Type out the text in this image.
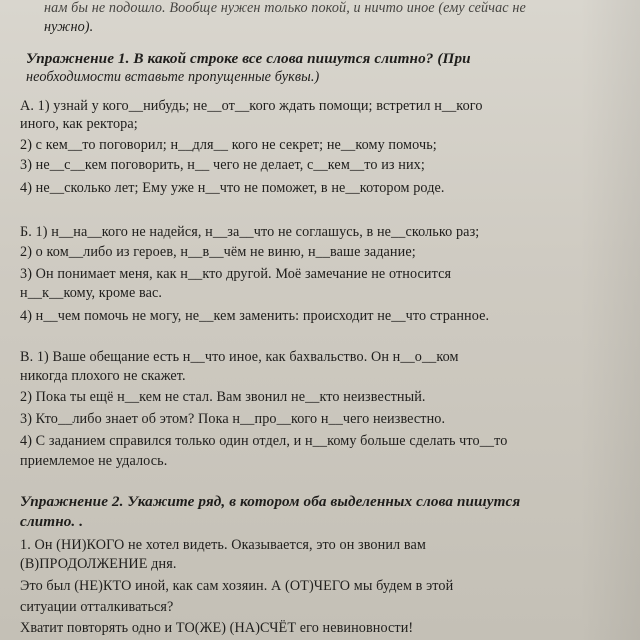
нам бы не подошло. Вообще нужен только покой, и ничто иное (ему сейчас не
нужно).
Упражнение 1. В какой строке все слова пишутся слитно? (При
необходимости вставьте пропущенные буквы.)
А. 1) узнай у кого__нибудь; не__от__кого ждать помощи; встретил н__кого
иного, как ректора;
2) с кем__то поговорил; н__для__ кого не секрет; не__кому помочь;
3) не__с__кем поговорить, н__ чего не делает, с__кем__то из них;
4) не__сколько лет; Ему уже н__что не поможет, в не__котором роде.
Б. 1) н__на__кого не надейся, н__за__что не соглашусь, в не__сколько раз;
2) о ком__либо из героев, н__в__чём не виню, н__ваше задание;
3) Он понимает меня, как н__кто другой. Моё замечание не относится
н__к__кому, кроме вас.
4) н__чем помочь не могу, не__кем заменить: происходит не__что странное.
В. 1) Ваше обещание есть н__что иное, как бахвальство. Он н__о__ком
никогда плохого не скажет.
2) Пока ты ещё н__кем не стал. Вам звонил не__кто неизвестный.
3) Кто__либо знает об этом? Пока н__про__кого н__чего неизвестно.
4) С заданием справился только один отдел, и н__кому больше сделать что__то
приемлемое не удалось.
Упражнение 2. Укажите ряд, в котором оба выделенных слова пишутся
слитно. .
1. Он (НИ)КОГО не хотел видеть. Оказывается, это он звонил вам
(В)ПРОДОЛЖЕНИЕ дня.
Это был (НЕ)КТО иной, как сам хозяин. А (ОТ)ЧЕГО мы будем в этой
ситуации отталкиваться?
Хватит повторять одно и ТО(ЖЕ) (НА)СЧЁТ его невиновности!
